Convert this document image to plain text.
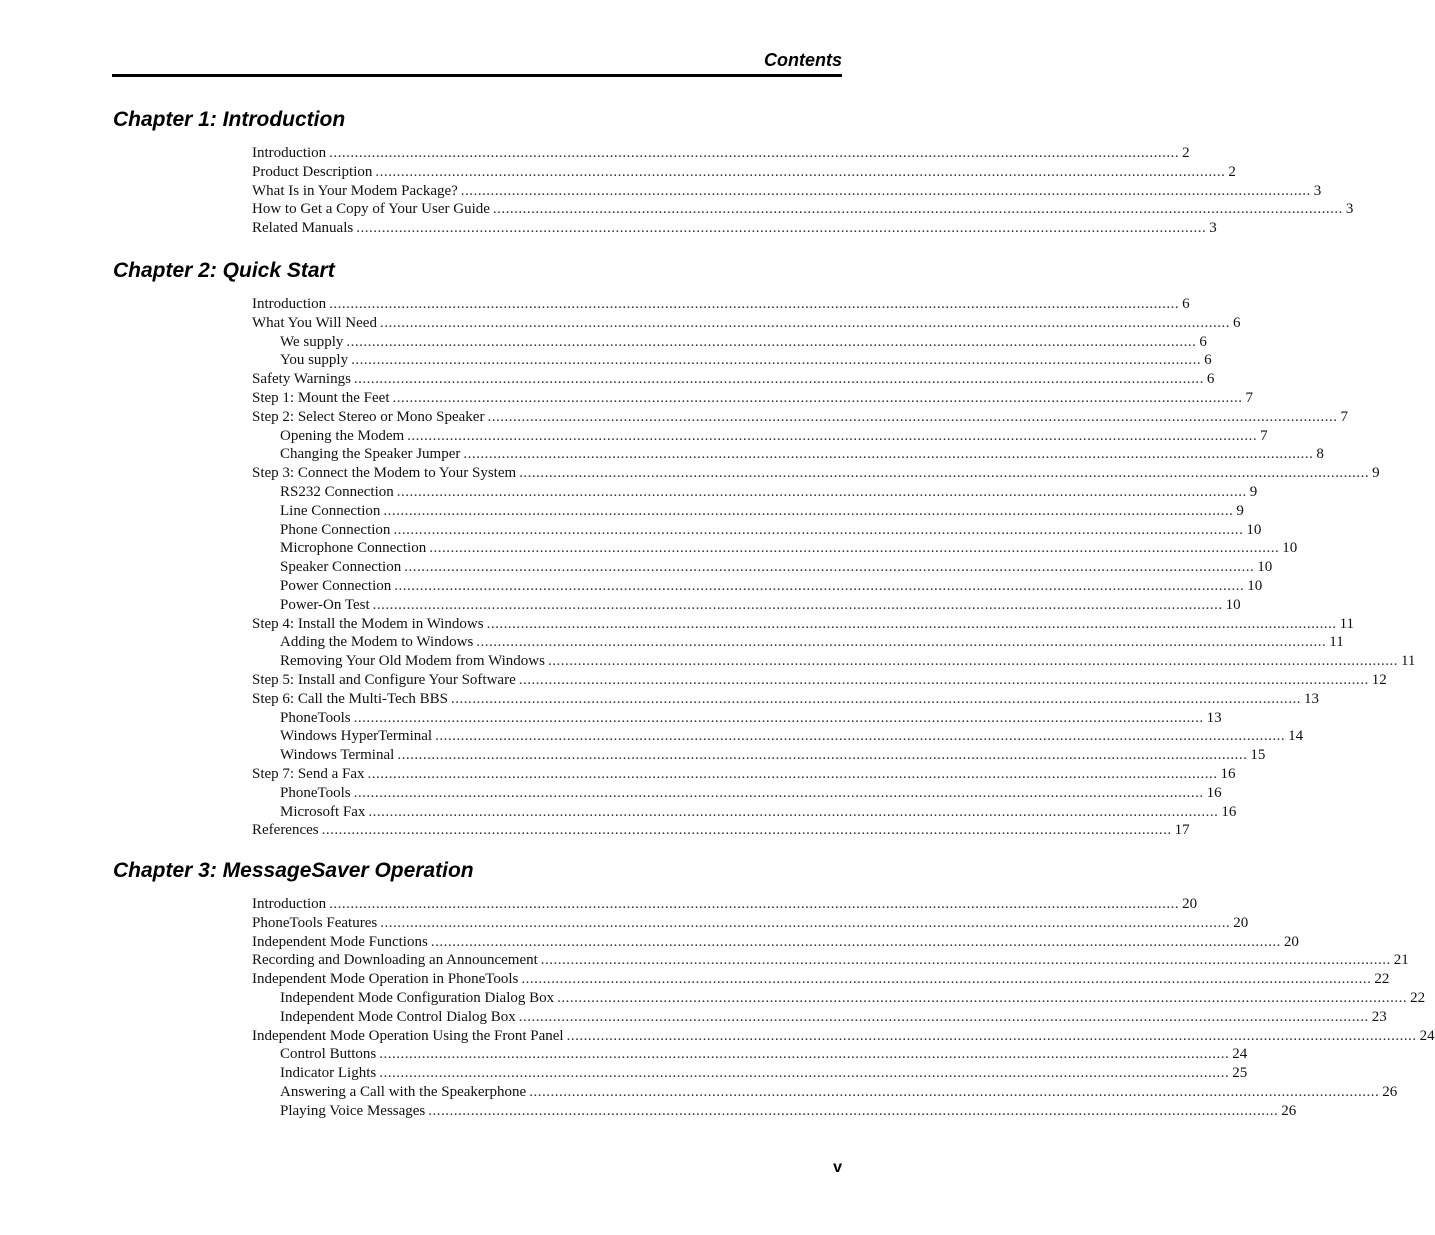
Contents
Chapter 1: Introduction
Introduction ........................................................................................................................................................................................................ 2
Product Description ........................................................................................................................................................................................................ 2
What Is in Your Modem Package? ........................................................................................................................................................................................................ 3
How to Get a Copy of Your User Guide ........................................................................................................................................................................................................ 3
Related Manuals ........................................................................................................................................................................................................ 3
Chapter 2: Quick Start
Introduction ........................................................................................................................................................................................................ 6
What You Will Need ........................................................................................................................................................................................................ 6
We supply ........................................................................................................................................................................................................ 6
You supply ........................................................................................................................................................................................................ 6
Safety Warnings ........................................................................................................................................................................................................ 6
Step 1: Mount the Feet ........................................................................................................................................................................................................ 7
Step 2: Select Stereo or Mono Speaker ........................................................................................................................................................................................................ 7
Opening the Modem ........................................................................................................................................................................................................ 7
Changing the Speaker Jumper ........................................................................................................................................................................................................ 8
Step 3: Connect the Modem to Your System ........................................................................................................................................................................................................ 9
RS232 Connection ........................................................................................................................................................................................................ 9
Line Connection ........................................................................................................................................................................................................ 9
Phone Connection ........................................................................................................................................................................................................ 10
Microphone Connection ........................................................................................................................................................................................................ 10
Speaker Connection ........................................................................................................................................................................................................ 10
Power Connection ........................................................................................................................................................................................................ 10
Power-On Test ........................................................................................................................................................................................................ 10
Step 4: Install the Modem in Windows ........................................................................................................................................................................................................ 11
Adding the Modem to Windows ........................................................................................................................................................................................................ 11
Removing Your Old Modem from Windows ........................................................................................................................................................................................................ 11
Step 5: Install and Configure Your Software ........................................................................................................................................................................................................ 12
Step 6: Call the Multi-Tech BBS ........................................................................................................................................................................................................ 13
PhoneTools ........................................................................................................................................................................................................ 13
Windows HyperTerminal ........................................................................................................................................................................................................ 14
Windows Terminal ........................................................................................................................................................................................................ 15
Step 7: Send a Fax ........................................................................................................................................................................................................ 16
PhoneTools ........................................................................................................................................................................................................ 16
Microsoft Fax ........................................................................................................................................................................................................ 16
References ........................................................................................................................................................................................................ 17
Chapter 3: MessageSaver Operation
Introduction ........................................................................................................................................................................................................ 20
PhoneTools Features ........................................................................................................................................................................................................ 20
Independent Mode Functions ........................................................................................................................................................................................................ 20
Recording and Downloading an Announcement ........................................................................................................................................................................................................ 21
Independent Mode Operation in PhoneTools ........................................................................................................................................................................................................ 22
Independent Mode Configuration Dialog Box ........................................................................................................................................................................................................ 22
Independent Mode Control Dialog Box ........................................................................................................................................................................................................ 23
Independent Mode Operation Using the Front Panel ........................................................................................................................................................................................................ 24
Control Buttons ........................................................................................................................................................................................................ 24
Indicator Lights ........................................................................................................................................................................................................ 25
Answering a Call with the Speakerphone ........................................................................................................................................................................................................ 26
Playing Voice Messages ........................................................................................................................................................................................................ 26
v
